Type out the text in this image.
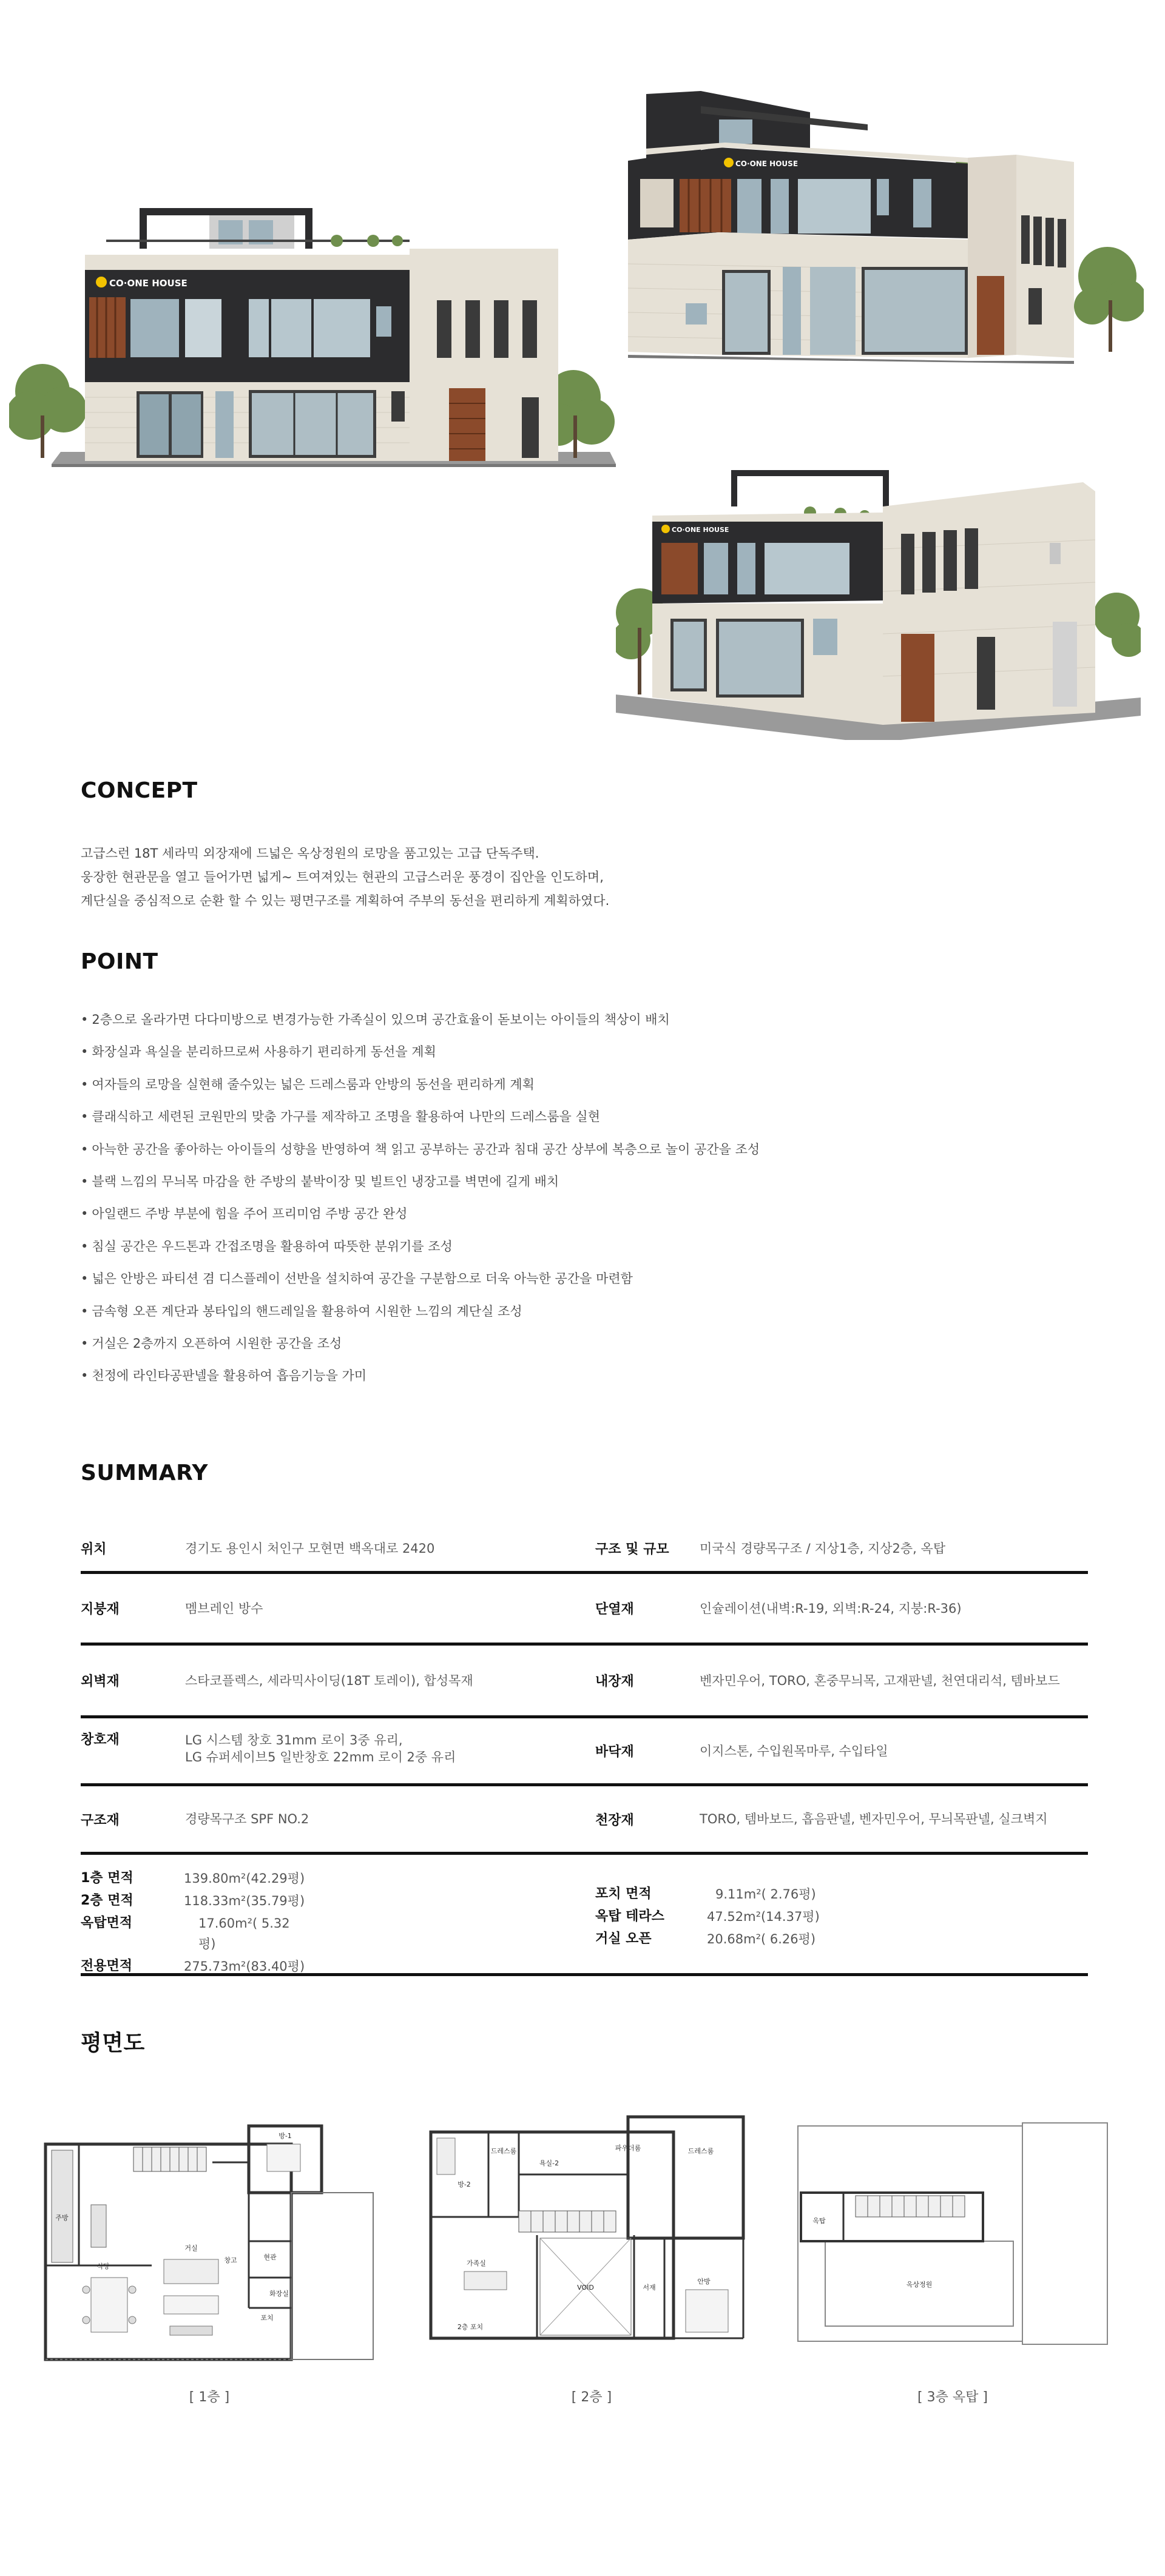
CO·ONE HOUSE
CO·ONE HOUSE
CO·ONE HOUSE
CONCEPT

고급스런 18T 세라믹 외장재에 드넓은 옥상정원의 로망을 품고있는 고급 단독주택.

웅장한 현관문을 열고 들어가면 넓게~ 트여져있는 현관의 고급스러운 풍경이 집안을 인도하며,

계단실을 중심적으로 순환 할 수 있는 평면구조를 계획하여 주부의 동선을 편리하게 계획하였다.

POINT
• 2층으로 올라가면 다다미방으로 변경가능한 가족실이 있으며 공간효율이 돋보이는 아이들의 책상이 배치
• 화장실과 욕실을 분리하므로써 사용하기 편리하게 동선을 계획
• 여자들의 로망을 실현해 줄수있는 넓은 드레스룸과 안방의 동선을 편리하게 계획
• 클래식하고 세련된 코원만의 맞춤 가구를 제작하고 조명을 활용하여 나만의 드레스룸을 실현
• 아늑한 공간을 좋아하는 아이들의 성향을 반영하여 책 읽고 공부하는 공간과 침대 공간 상부에 복층으로 놀이 공간을 조성
• 블랙 느낌의 무늬목 마감을 한 주방의 붙박이장 및 빌트인 냉장고를 벽면에 길게 배치
• 아일랜드 주방 부분에 힘을 주어 프리미엄 주방 공간 완성
• 침실 공간은 우드톤과 간접조명을 활용하여 따뜻한 분위기를 조성
• 넓은 안방은 파티션 겸 디스플레이 선반을 설치하여 공간을 구분함으로 더욱 아늑한 공간을 마련함
• 금속형 오픈 계단과 봉타입의 핸드레일을 활용하여 시원한 느낌의 계단실 조성
• 거실은 2층까지 오픈하여 시원한 공간을 조성
• 천정에 라인타공판넬을 활용하여 흡음기능을 가미
SUMMARY
위치	경기도 용인시 처인구 모현면 백옥대로 2420	구조 및 규모 미국식 경량목구조 / 지상1층, 지상2층, 옥탑
지붕재	멤브레인 방수	단열재	인슐레이션(내벽:R-19, 외벽:R-24, 지붕:R-36)
외벽재	스타코플렉스, 세라믹사이딩(18T 토레이), 합성목재	내장재	벤자민우어, TORO, 혼중무늬목, 고재판넬, 천연대리석, 템바보드
창호재	LG 시스템 창호 31mm 로이 3중 유리,
LG 슈퍼세이브5 일반창호 22mm 로이 2중 유리	바닥재	이지스톤, 수입원목마루, 수입타일
구조재	경량목구조 SPF NO.2	천장재	TORO, 템바보드, 흡음판넬, 벤자민우어, 무늬목판넬, 실크벽지
1층 면적	139.80m²(42.29평)
2층 면적	118.33m²(35.79평)
옥탑면적	17.60m²( 5.32평)
전용면적	275.73m²(83.40평)
포치 면적	9.11m²( 2.76평)
옥탑 테라스	47.52m²(14.37평)
거실 오픈	20.68m²( 6.26평)
평면도
방-1
주방
식당
거실
창고	현관
화장실
포치
[ 1층 ]
드레스룸
방-2
욕실-2
파우더룸	드레스룸
가족실
VOID	서재
안방
2층 포치
[ 2층 ]
옥탑
옥상정원
[ 3층 옥탑 ]
